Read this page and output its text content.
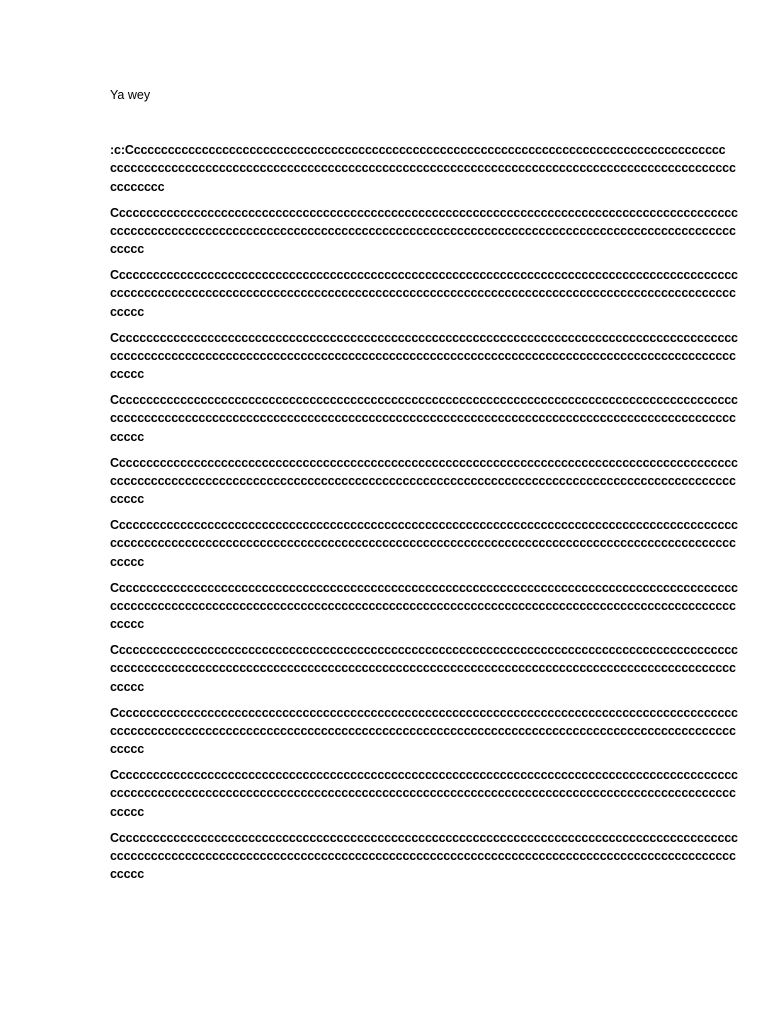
Ya wey
:c:Cccccccccccccccccccccccccccccccccccccccccccccccccccccccccccccccccccccccccccccccccccccccc
cccccccccccccccccccccccccccccccccccccccccccccccccccccccccccccccccccccccccccccccccccccccccccc
cccccccc
Cccccccccccccccccccccccccccccccccccccccccccccccccccccccccccccccccccccccccccccccccccccccccccc
cccccccccccccccccccccccccccccccccccccccccccccccccccccccccccccccccccccccccccccccccccccccccccc
ccccc
Cccccccccccccccccccccccccccccccccccccccccccccccccccccccccccccccccccccccccccccccccccccccccccc
cccccccccccccccccccccccccccccccccccccccccccccccccccccccccccccccccccccccccccccccccccccccccccc
ccccc
Cccccccccccccccccccccccccccccccccccccccccccccccccccccccccccccccccccccccccccccccccccccccccccc
cccccccccccccccccccccccccccccccccccccccccccccccccccccccccccccccccccccccccccccccccccccccccccc
ccccc
Cccccccccccccccccccccccccccccccccccccccccccccccccccccccccccccccccccccccccccccccccccccccccccc
cccccccccccccccccccccccccccccccccccccccccccccccccccccccccccccccccccccccccccccccccccccccccccc
ccccc
Cccccccccccccccccccccccccccccccccccccccccccccccccccccccccccccccccccccccccccccccccccccccccccc
cccccccccccccccccccccccccccccccccccccccccccccccccccccccccccccccccccccccccccccccccccccccccccc
ccccc
Cccccccccccccccccccccccccccccccccccccccccccccccccccccccccccccccccccccccccccccccccccccccccccc
cccccccccccccccccccccccccccccccccccccccccccccccccccccccccccccccccccccccccccccccccccccccccccc
ccccc
Cccccccccccccccccccccccccccccccccccccccccccccccccccccccccccccccccccccccccccccccccccccccccccc
cccccccccccccccccccccccccccccccccccccccccccccccccccccccccccccccccccccccccccccccccccccccccccc
ccccc
Cccccccccccccccccccccccccccccccccccccccccccccccccccccccccccccccccccccccccccccccccccccccccccc
cccccccccccccccccccccccccccccccccccccccccccccccccccccccccccccccccccccccccccccccccccccccccccc
ccccc
Cccccccccccccccccccccccccccccccccccccccccccccccccccccccccccccccccccccccccccccccccccccccccccc
cccccccccccccccccccccccccccccccccccccccccccccccccccccccccccccccccccccccccccccccccccccccccccc
ccccc
Cccccccccccccccccccccccccccccccccccccccccccccccccccccccccccccccccccccccccccccccccccccccccccc
cccccccccccccccccccccccccccccccccccccccccccccccccccccccccccccccccccccccccccccccccccccccccccc
ccccc
Cccccccccccccccccccccccccccccccccccccccccccccccccccccccccccccccccccccccccccccccccccccccccccc
cccccccccccccccccccccccccccccccccccccccccccccccccccccccccccccccccccccccccccccccccccccccccccc
ccccc
